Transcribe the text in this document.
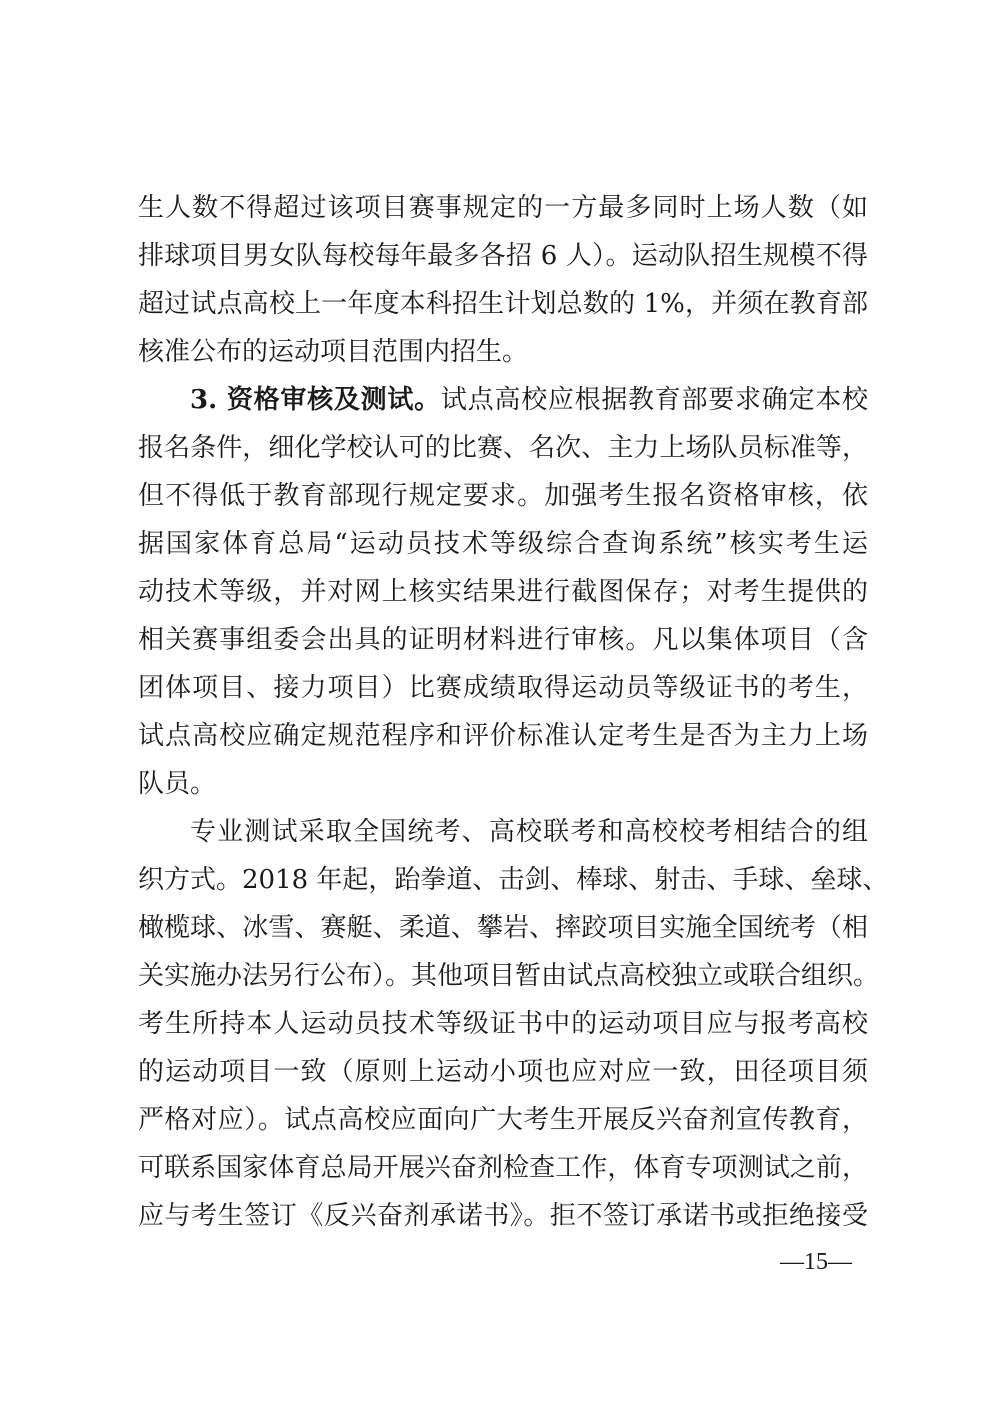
生人数不得超过该项目赛事规定的一方最多同时上场人数（如
排球项目男女队每校每年最多各招 6 人）。运动队招生规模不得
超过试点高校上一年度本科招生计划总数的 1%，并须在教育部
核准公布的运动项目范围内招生。
3. 资格审核及测试。试点高校应根据教育部要求确定本校
报名条件，细化学校认可的比赛、名次、主力上场队员标准等，
但不得低于教育部现行规定要求。加强考生报名资格审核，依
据国家体育总局“运动员技术等级综合查询系统”核实考生运
动技术等级，并对网上核实结果进行截图保存；对考生提供的
相关赛事组委会出具的证明材料进行审核。凡以集体项目（含
团体项目、接力项目）比赛成绩取得运动员等级证书的考生，
试点高校应确定规范程序和评价标准认定考生是否为主力上场
队员。
专业测试采取全国统考、高校联考和高校校考相结合的组
织方式。2018 年起，跆拳道、击剑、棒球、射击、手球、垒球、
橄榄球、冰雪、赛艇、柔道、攀岩、摔跤项目实施全国统考（相
关实施办法另行公布）。其他项目暂由试点高校独立或联合组织。
考生所持本人运动员技术等级证书中的运动项目应与报考高校
的运动项目一致（原则上运动小项也应对应一致，田径项目须
严格对应）。试点高校应面向广大考生开展反兴奋剂宣传教育，
可联系国家体育总局开展兴奋剂检查工作，体育专项测试之前，
应与考生签订《反兴奋剂承诺书》。拒不签订承诺书或拒绝接受
—15—
